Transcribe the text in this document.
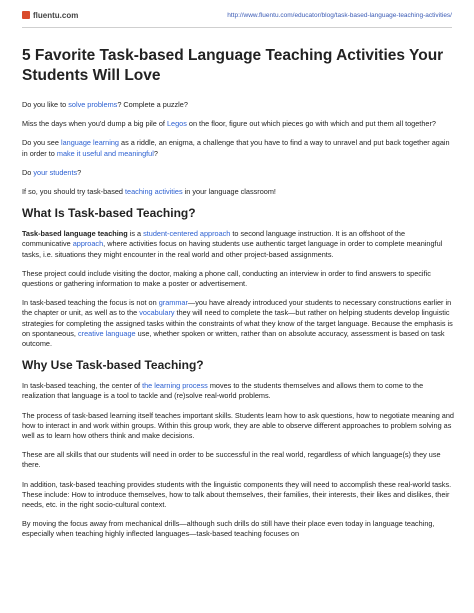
fluentu.com	http://www.fluentu.com/educator/blog/task-based-language-teaching-activities/
5 Favorite Task-based Language Teaching Activities Your Students Will Love

Do you like to solve problems? Complete a puzzle?

Miss the days when you'd dump a big pile of Legos on the floor, figure out which pieces go with which and put them all together?

Do you see language learning as a riddle, an enigma, a challenge that you have to find a way to unravel and put back together again in order to make it useful and meaningful?

Do your students?

If so, you should try task-based teaching activities in your language classroom!

What Is Task-based Teaching?

Task-based language teaching is a student-centered approach to second language instruction. It is an offshoot of the communicative approach, where activities focus on having students use authentic target language in order to complete meaningful tasks, i.e. situations they might encounter in the real world and other project-based assignments.

These project could include visiting the doctor, making a phone call, conducting an interview in order to find answers to specific questions or gathering information to make a poster or advertisement.

In task-based teaching the focus is not on grammar—you have already introduced your students to necessary constructions earlier in the chapter or unit, as well as to the vocabulary they will need to complete the task—but rather on helping students develop linguistic strategies for completing the assigned tasks within the constraints of what they know of the target language. Because the emphasis is on spontaneous, creative language use, whether spoken or written, rather than on absolute accuracy, assessment is based on task outcome.

Why Use Task-based Teaching?

In task-based teaching, the center of the learning process moves to the students themselves and allows them to come to the realization that language is a tool to tackle and (re)solve real-world problems.

The process of task-based learning itself teaches important skills. Students learn how to ask questions, how to negotiate meaning and how to interact in and work within groups. Within this group work, they are able to observe different approaches to problem solving as well as to learn how others think and make decisions.

These are all skills that our students will need in order to be successful in the real world, regardless of which language(s) they use there.

In addition, task-based teaching provides students with the linguistic components they will need to accomplish these real-world tasks. These include: How to introduce themselves, how to talk about themselves, their families, their interests, their likes and dislikes, their needs, etc. in the right socio-cultural context.

By moving the focus away from mechanical drills—although such drills do still have their place even today in language teaching, especially when teaching highly inflected languages—task-based teaching focuses on
